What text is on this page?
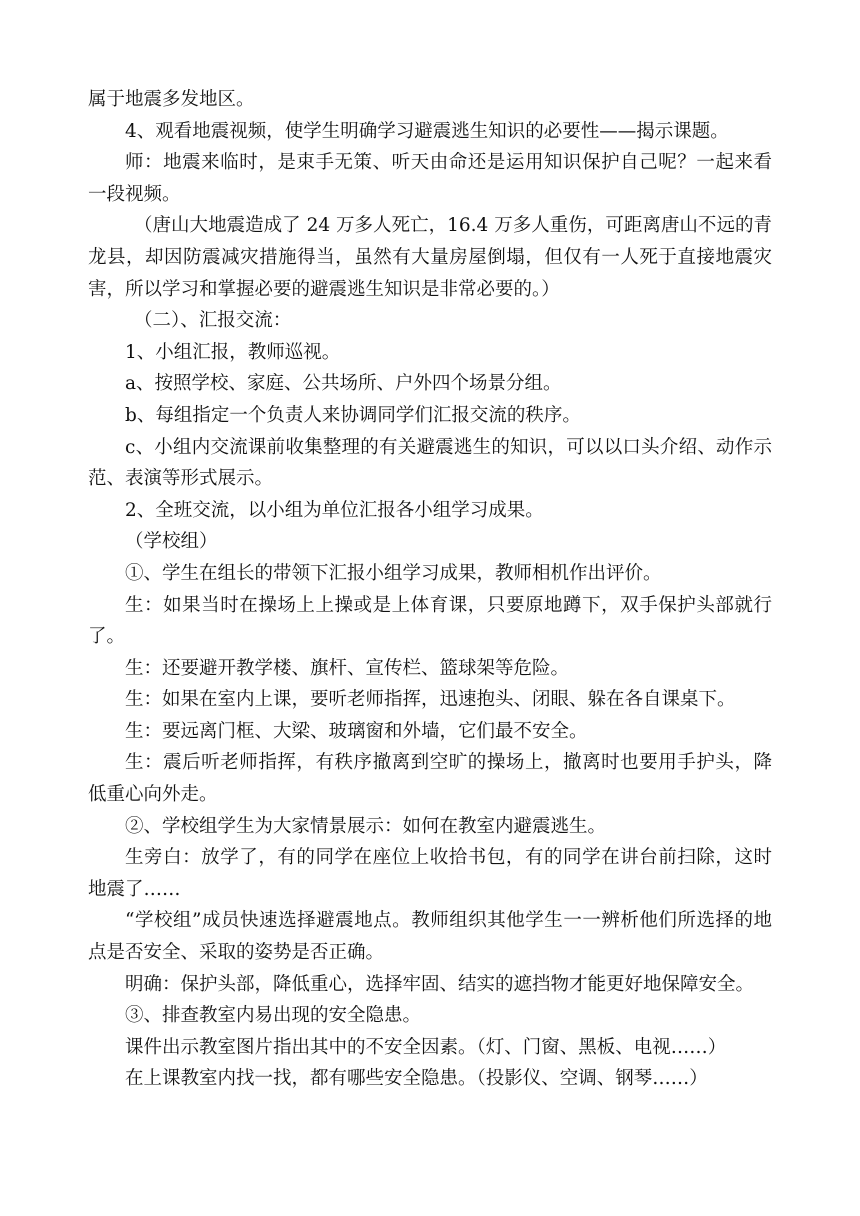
属于地震多发地区。

4、观看地震视频，使学生明确学习避震逃生知识的必要性——揭示课题。

师：地震来临时，是束手无策、听天由命还是运用知识保护自己呢？一起来看一段视频。

（唐山大地震造成了 24 万多人死亡，16.4 万多人重伤，可距离唐山不远的青龙县，却因防震减灾措施得当，虽然有大量房屋倒塌，但仅有一人死于直接地震灾害，所以学习和掌握必要的避震逃生知识是非常必要的。）

（二）、汇报交流：

1、小组汇报，教师巡视。

a、按照学校、家庭、公共场所、户外四个场景分组。

b、每组指定一个负责人来协调同学们汇报交流的秩序。

c、小组内交流课前收集整理的有关避震逃生的知识，可以以口头介绍、动作示范、表演等形式展示。

2、全班交流，以小组为单位汇报各小组学习成果。

（学校组）

①、学生在组长的带领下汇报小组学习成果，教师相机作出评价。

生：如果当时在操场上上操或是上体育课，只要原地蹲下，双手保护头部就行了。

生：还要避开教学楼、旗杆、宣传栏、篮球架等危险。

生：如果在室内上课，要听老师指挥，迅速抱头、闭眼、躲在各自课桌下。

生：要远离门框、大梁、玻璃窗和外墙，它们最不安全。

生：震后听老师指挥，有秩序撤离到空旷的操场上，撤离时也要用手护头，降低重心向外走。

②、学校组学生为大家情景展示：如何在教室内避震逃生。

生旁白：放学了，有的同学在座位上收拾书包，有的同学在讲台前扫除，这时地震了……

“学校组”成员快速选择避震地点。教师组织其他学生一一辨析他们所选择的地点是否安全、采取的姿势是否正确。

明确：保护头部，降低重心，选择牢固、结实的遮挡物才能更好地保障安全。

③、排查教室内易出现的安全隐患。

课件出示教室图片指出其中的不安全因素。（灯、门窗、黑板、电视……）

在上课教室内找一找，都有哪些安全隐患。（投影仪、空调、钢琴……）
